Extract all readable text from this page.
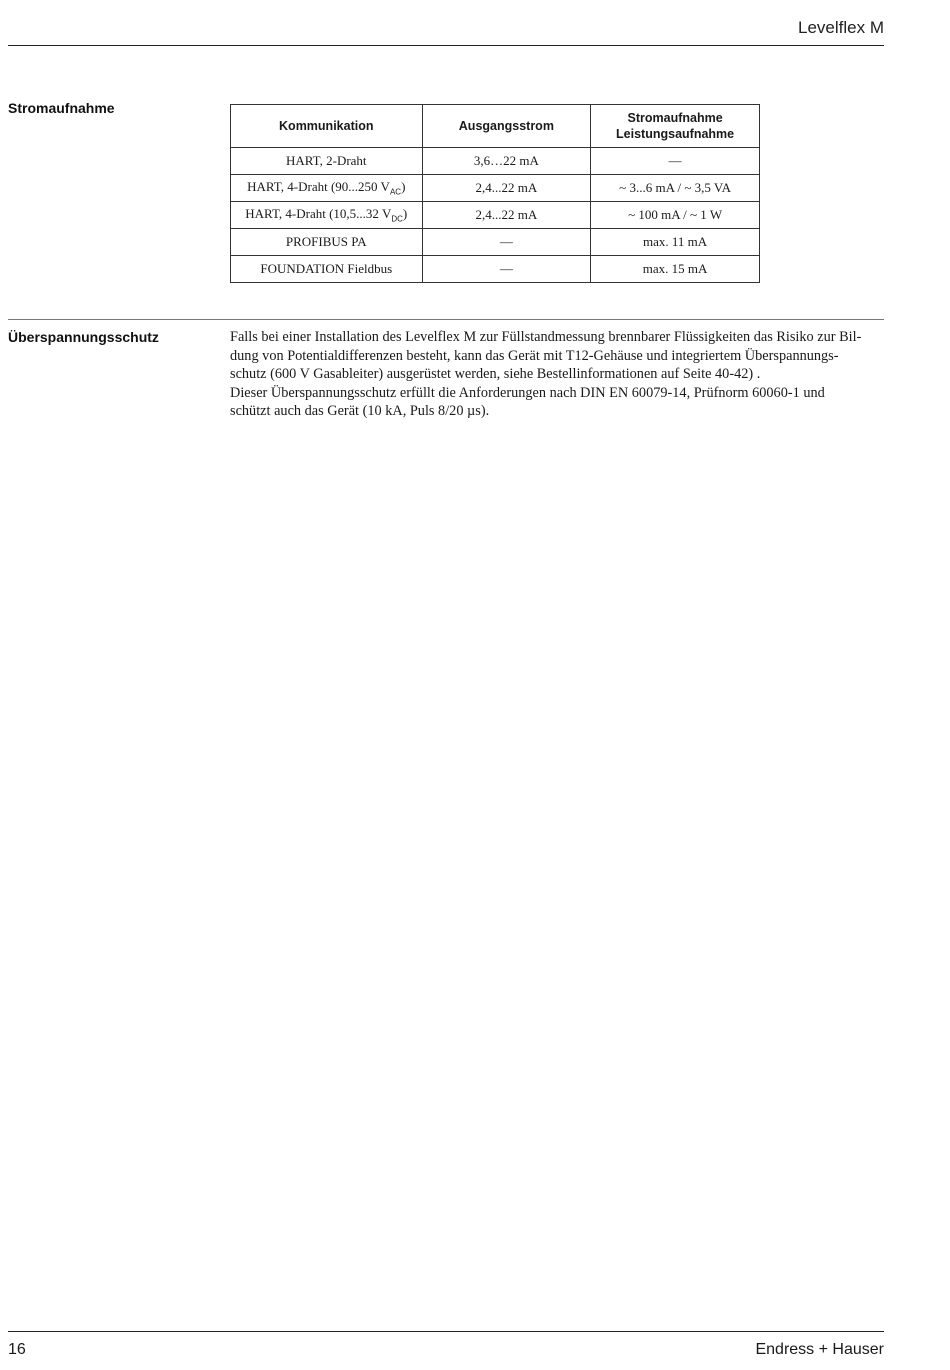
Levelflex M
Stromaufnahme
Kommunikation	Ausgangsstrom	Stromaufnahme
Leistungsaufnahme
HART, 2-Draht	3,6…22 mA	—
HART, 4-Draht (90...250 $V_{AC}$)	2,4...22 mA	~ 3...6 mA / ~ 3,5 VA
HART, 4-Draht (10,5...32 $V_{DC}$)	2,4...22 mA	~ 100 mA / ~ 1 W
PROFIBUS PA	—	max. 11 mA
FOUNDATION Fieldbus	—	max. 15 mA
Überspannungsschutz	Falls bei einer Installation des Levelflex M zur Füllstandmessung brennbarer Flüssigkeiten das Risiko zur Bil-

dung von Potentialdifferenzen besteht, kann das Gerät mit T12-Gehäuse und integriertem Überspannungs-

schutz (600 V Gasableiter) ausgerüstet werden, siehe Bestellinformationen auf Seite 40-42) .

Dieser Überspannungsschutz erfüllt die Anforderungen nach DIN EN 60079-14, Prüfnorm 60060-1 und

schützt auch das Gerät (10 kA, Puls 8/20 µs).

16	Endress + Hauser
